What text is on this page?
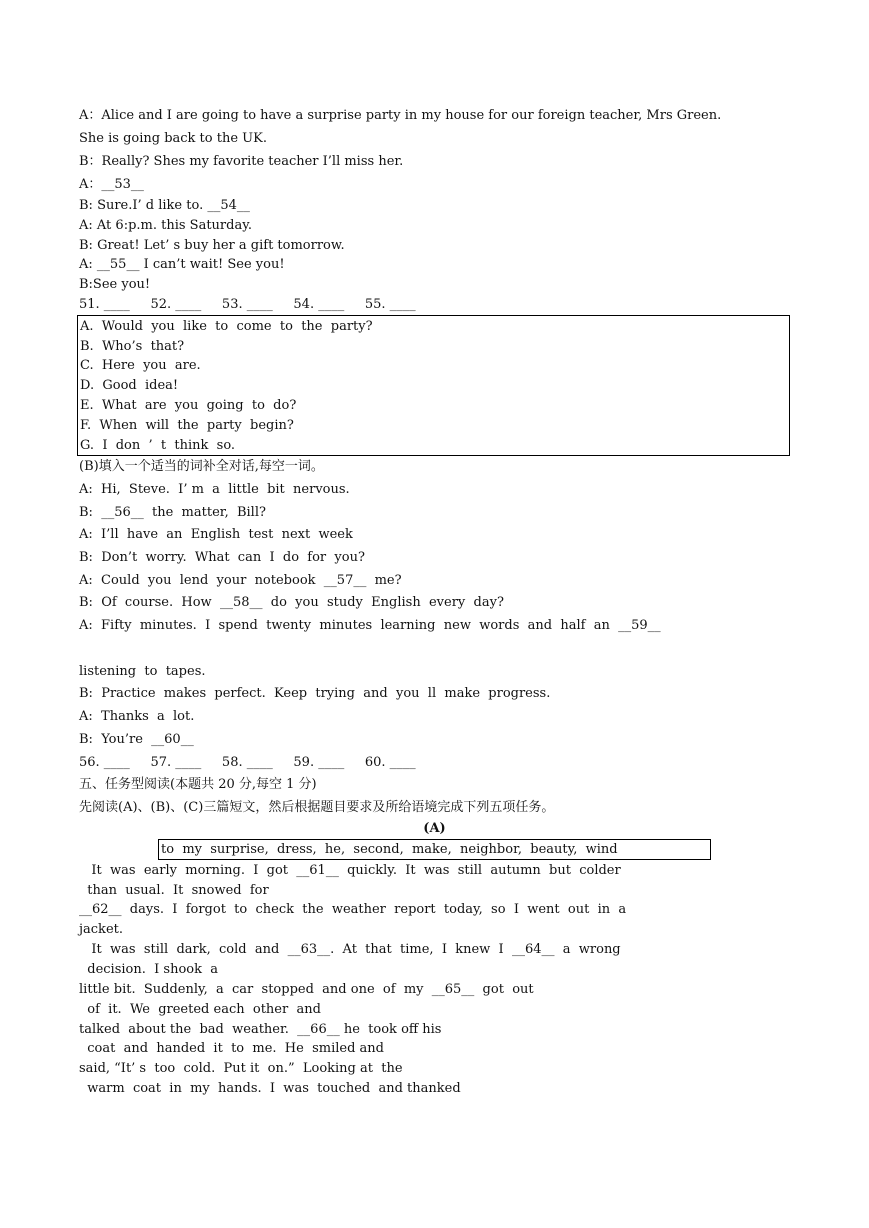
A：Alice and I are going to have a surprise party in my house for our foreign teacher, Mrs Green.
She is going back to the UK.
B：Really? Shes my favorite teacher I’ll miss her.
A：__53__
B: Sure.I’ d like to. __54__
A: At 6:p.m. this Saturday.
B: Great! Let’ s buy her a gift tomorrow.
A: __55__ I can’t wait! See you!
B:See you!
51. ____     52. ____     53. ____     54. ____     55. ____
A.  Would  you  like  to  come  to  the  party?
B.  Who’s  that?
C.  Here  you  are.
D.  Good  idea!
E.  What  are  you  going  to  do?
F.  When  will  the  party  begin?
G.  I  don  ’  t  think  so.
(B)填入一个适当的词补全对话,每空一词。
A:  Hi,  Steve.  I’ m  a  little  bit  nervous.
B:  __56__  the  matter,  Bill?
A:  I’ll  have  an  English  test  next  week
B:  Don’t  worry.  What  can  I  do  for  you?
A:  Could  you  lend  your  notebook  __57__  me?
B:  Of  course.  How  __58__  do  you  study  English  every  day?
A:  Fifty  minutes.  I  spend  twenty  minutes  learning  new  words  and  half  an  __59__
listening  to  tapes.
B:  Practice  makes  perfect.  Keep  trying  and  you  ll  make  progress.
A:  Thanks  a  lot.
B:  You’re  __60__
56. ____     57. ____     58. ____     59. ____     60. ____
五、任务型阅读(本题共 20 分,每空 1 分)
先阅读(A)、(B)、(C)三篇短文，然后根据题目要求及所给语境完成下列五项任务。
(A)
to  my  surprise,  dress,  he,  second,  make,  neighbor,  beauty,  wind
It  was  early  morning.  I  got  __61__  quickly.  It  was  still  autumn  but  colder
than  usual.  It  snowed  for
__62__  days.  I  forgot  to  check  the  weather  report  today,  so  I  went  out  in  a
jacket.
It  was  still  dark,  cold  and  __63__.  At  that  time,  I  knew  I  __64__  a  wrong
decision.  I shook  a
little bit.  Suddenly,  a  car  stopped  and one  of  my  __65__  got  out
of  it.  We  greeted each  other  and
talked  about the  bad  weather.  __66__ he  took off his
coat  and  handed  it  to  me.  He  smiled and
said, “It’ s  too  cold.  Put it  on.”  Looking at  the
warm  coat  in  my  hands.  I  was  touched  and thanked
